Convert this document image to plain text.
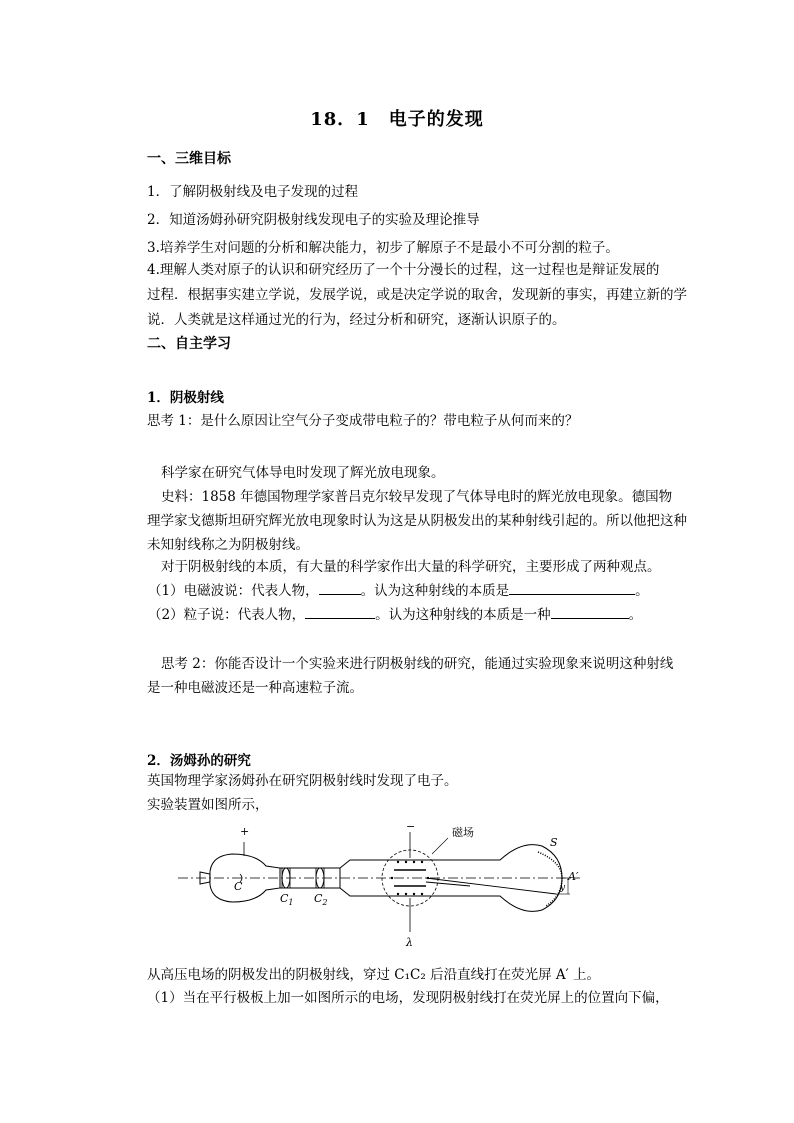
18．1　电子的发现
一、三维目标
1．了解阴极射线及电子发现的过程
2．知道汤姆孙研究阴极射线发现电子的实验及理论推导
3.培养学生对问题的分析和解决能力，初步了解原子不是最小不可分割的粒子。
4.理解人类对原子的认识和研究经历了一个十分漫长的过程，这一过程也是辩证发展的
过程．根据事实建立学说，发展学说，或是决定学说的取舍，发现新的事实，再建立新的学
说．人类就是这样通过光的行为，经过分析和研究，逐渐认识原子的。
二、自主学习
1．阴极射线
思考 1：是什么原因让空气分子变成带电粒子的？带电粒子从何而来的？
科学家在研究气体导电时发现了辉光放电现象。
史料：1858 年德国物理学家普吕克尔较早发现了气体导电时的辉光放电现象。德国物
理学家戈德斯坦研究辉光放电现象时认为这是从阴极发出的某种射线引起的。所以他把这种
未知射线称之为阴极射线。
对于阴极射线的本质，有大量的科学家作出大量的科学研究，主要形成了两种观点。
（1）电磁波说：代表人物，	。认为这种射线的本质是	。
（2）粒子说：代表人物，	。认为这种射线的本质是一种	。
思考 2：你能否设计一个实验来进行阴极射线的研究，能通过实验现象来说明这种射线
是一种电磁波还是一种高速粒子流。
2．汤姆孙的研究
英国物理学家汤姆孙在研究阴极射线时发现了电子。
实验装置如图所示，
+
C
$C_1$ $C_2$
磁场
−
λ
S
A′
y
从高压电场的阴极发出的阴极射线，穿过 C₁C₂ 后沿直线打在荧光屏 A′ 上。
（1）当在平行极板上加一如图所示的电场，发现阴极射线打在荧光屏上的位置向下偏，
